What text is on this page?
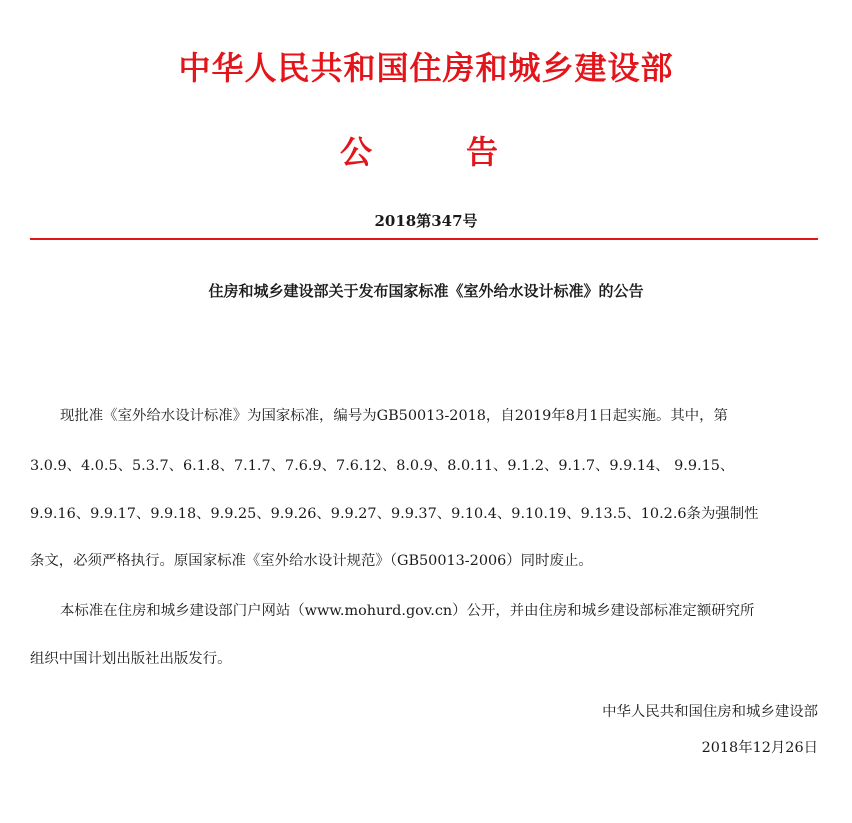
中华人民共和国住房和城乡建设部
公	告
2018第347号
住房和城乡建设部关于发布国家标准《室外给水设计标准》的公告
现批准《室外给水设计标准》为国家标准，编号为GB50013-2018，自2019年8月1日起实施。其中，第
3.0.9、4.0.5、5.3.7、6.1.8、7.1.7、7.6.9、7.6.12、8.0.9、8.0.11、9.1.2、9.1.7、9.9.14、 9.9.15、
9.9.16、9.9.17、9.9.18、9.9.25、9.9.26、9.9.27、9.9.37、9.10.4、9.10.19、9.13.5、10.2.6条为强制性
条文，必须严格执行。原国家标准《室外给水设计规范》（GB50013-2006）同时废止。
本标准在住房和城乡建设部门户网站（www.mohurd.gov.cn）公开，并由住房和城乡建设部标准定额研究所
组织中国计划出版社出版发行。
中华人民共和国住房和城乡建设部
2018年12月26日
